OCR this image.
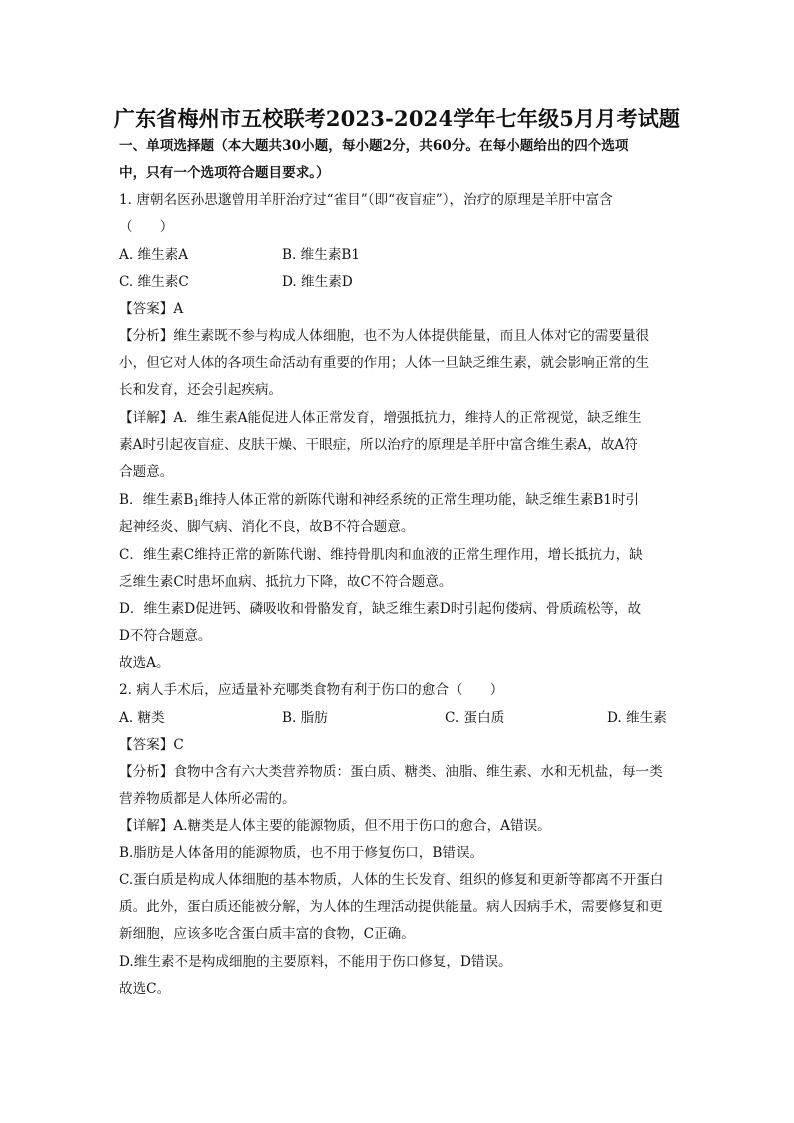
广东省梅州市五校联考2023-2024学年七年级5月月考试题
一、单项选择题（本大题共30小题，每小题2分，共60分。在每小题给出的四个选项
中，只有一个选项符合题目要求。）
1. 唐朝名医孙思邈曾用羊肝治疗过“雀目”（即“夜盲症”），治疗的原理是羊肝中富含
（　　）
A. 维生素A	B. 维生素B1
C. 维生素C	D. 维生素D
【答案】A
【分析】维生素既不参与构成人体细胞，也不为人体提供能量，而且人体对它的需要量很
小，但它对人体的各项生命活动有重要的作用；人体一旦缺乏维生素，就会影响正常的生
长和发育，还会引起疾病。
【详解】A．维生素A能促进人体正常发育，增强抵抗力，维持人的正常视觉，缺乏维生
素A时引起夜盲症、皮肤干燥、干眼症，所以治疗的原理是羊肝中富含维生素A，故A符
合题意。
B．维生素$B_1$维持人体正常的新陈代谢和神经系统的正常生理功能，缺乏维生素B1时引
起神经炎、脚气病、消化不良，故B不符合题意。
C．维生素C维持正常的新陈代谢、维持骨肌肉和血液的正常生理作用，增长抵抗力，缺
乏维生素C时患坏血病、抵抗力下降，故C不符合题意。
D．维生素D促进钙、磷吸收和骨骼发育，缺乏维生素D时引起佝偻病、骨质疏松等，故
D不符合题意。
故选A。
2. 病人手术后，应适量补充哪类食物有利于伤口的愈合（　　）
A. 糖类	B. 脂肪	C. 蛋白质	D. 维生素
【答案】C
【分析】食物中含有六大类营养物质：蛋白质、糖类、油脂、维生素、水和无机盐，每一类
营养物质都是人体所必需的。
【详解】A.糖类是人体主要的能源物质，但不用于伤口的愈合，A错误。
B.脂肪是人体备用的能源物质，也不用于修复伤口，B错误。
C.蛋白质是构成人体细胞的基本物质，人体的生长发育、组织的修复和更新等都离不开蛋白
质。此外，蛋白质还能被分解，为人体的生理活动提供能量。病人因病手术，需要修复和更
新细胞，应该多吃含蛋白质丰富的食物，C正确。
D.维生素不是构成细胞的主要原料，不能用于伤口修复，D错误。
故选C。
